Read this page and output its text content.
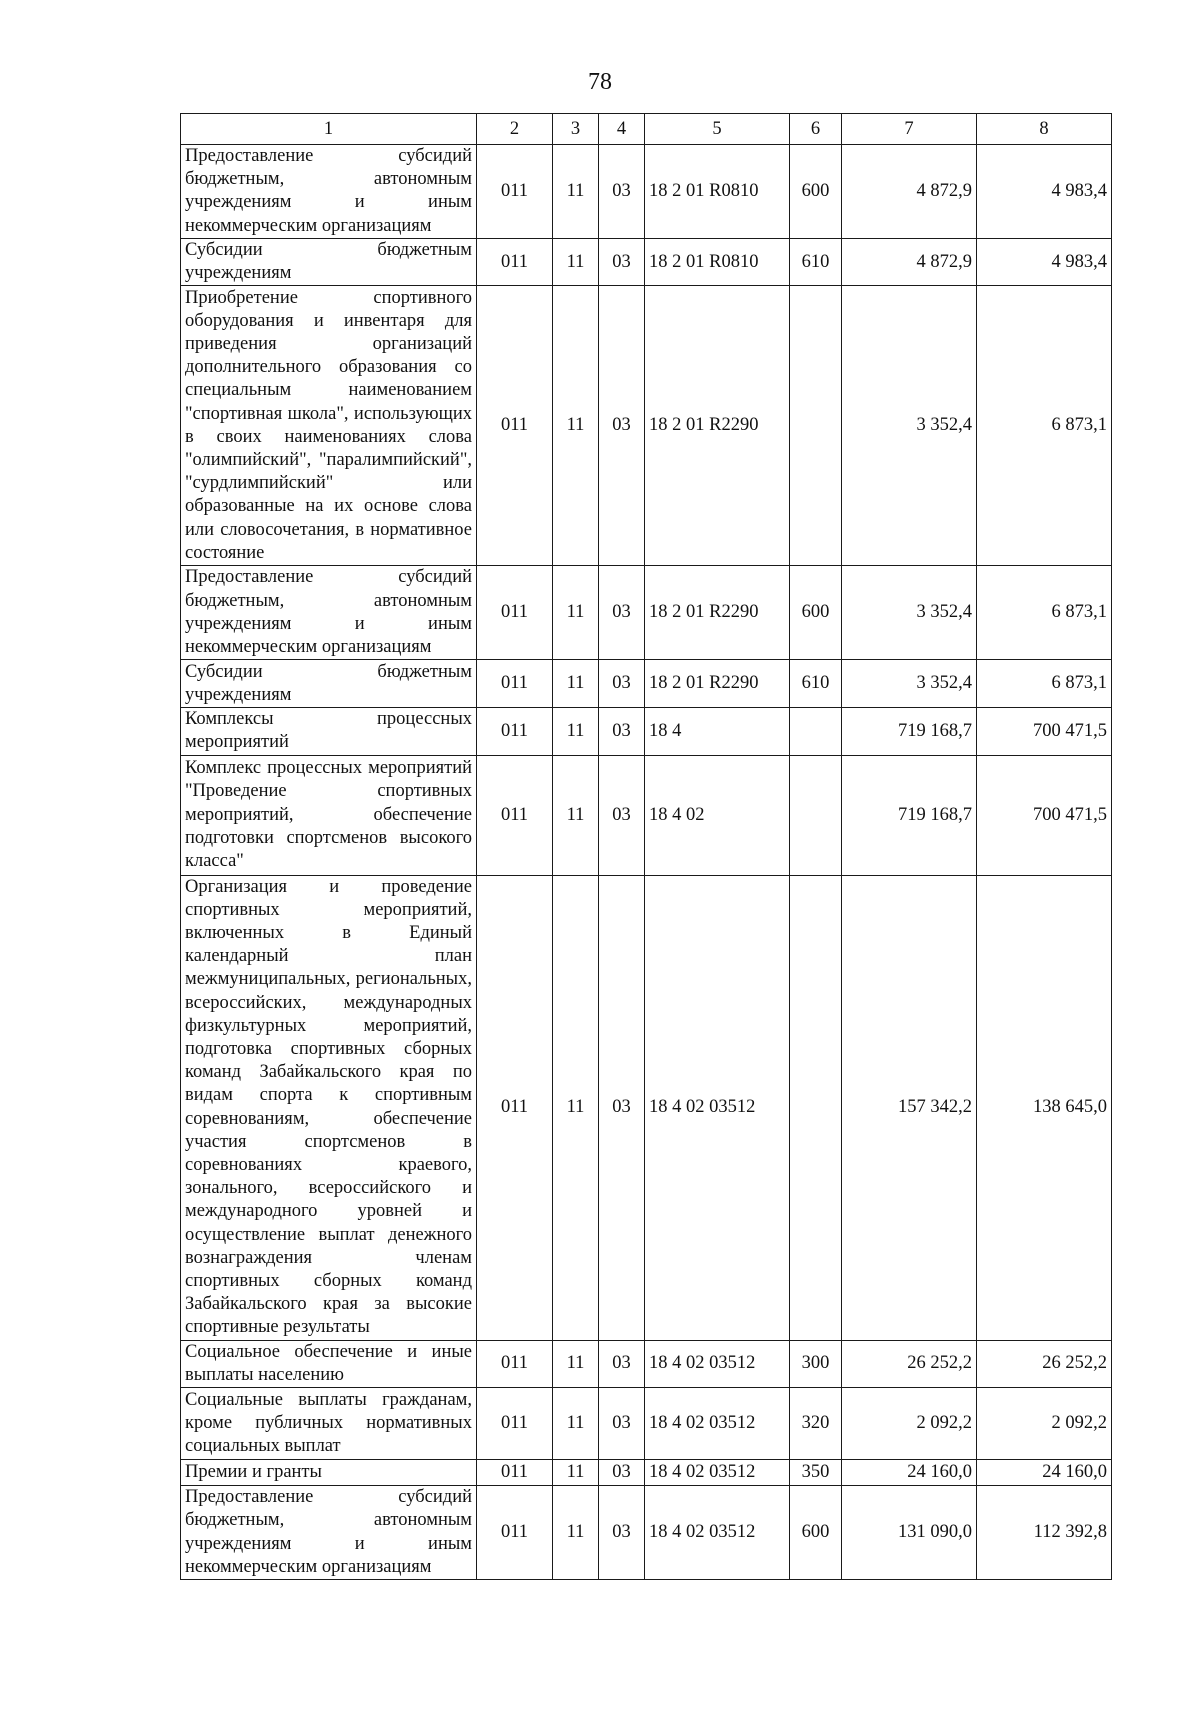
78
1	2	3	4	5	6	7	8
Предоставление субсидий бюджетным, автономным учреждениям и иным некоммерческим организациям	011	11	03	18 2 01 R0810	600	4 872,9	4 983,4
Субсидии бюджетным учреждениям	011	11	03	18 2 01 R0810	610	4 872,9	4 983,4
Приобретение спортивного оборудования и инвентаря для приведения организаций дополнительного образования со специальным наименованием "спортивная школа", использующих в своих наименованиях слова "олимпийский", "паралимпийский", "сурдлимпийский" или образованные на их основе слова или словосочетания, в нормативное состояние	011	11	03	18 2 01 R2290		3 352,4	6 873,1
Предоставление субсидий бюджетным, автономным учреждениям и иным некоммерческим организациям	011	11	03	18 2 01 R2290	600	3 352,4	6 873,1
Субсидии бюджетным учреждениям	011	11	03	18 2 01 R2290	610	3 352,4	6 873,1
Комплексы процессных мероприятий	011	11	03	18 4		719 168,7	700 471,5
Комплекс процессных мероприятий "Проведение спортивных мероприятий, обеспечение подготовки спортсменов высокого класса"	011	11	03	18 4 02		719 168,7	700 471,5
Организация и проведение спортивных мероприятий, включенных в Единый календарный план межмуниципальных, региональных, всероссийских, международных физкультурных мероприятий, подготовка спортивных сборных команд Забайкальского края по видам спорта к спортивным соревнованиям, обеспечение участия спортсменов в соревнованиях краевого, зонального, всероссийского и международного уровней и осуществление выплат денежного вознаграждения членам спортивных сборных команд Забайкальского края за высокие спортивные результаты	011	11	03	18 4 02 03512		157 342,2	138 645,0
Социальное обеспечение и иные выплаты населению	011	11	03	18 4 02 03512	300	26 252,2	26 252,2
Социальные выплаты гражданам, кроме публичных нормативных социальных выплат	011	11	03	18 4 02 03512	320	2 092,2	2 092,2
Премии и гранты	011	11	03	18 4 02 03512	350	24 160,0	24 160,0
Предоставление субсидий бюджетным, автономным учреждениям и иным некоммерческим организациям	011	11	03	18 4 02 03512	600	131 090,0	112 392,8
